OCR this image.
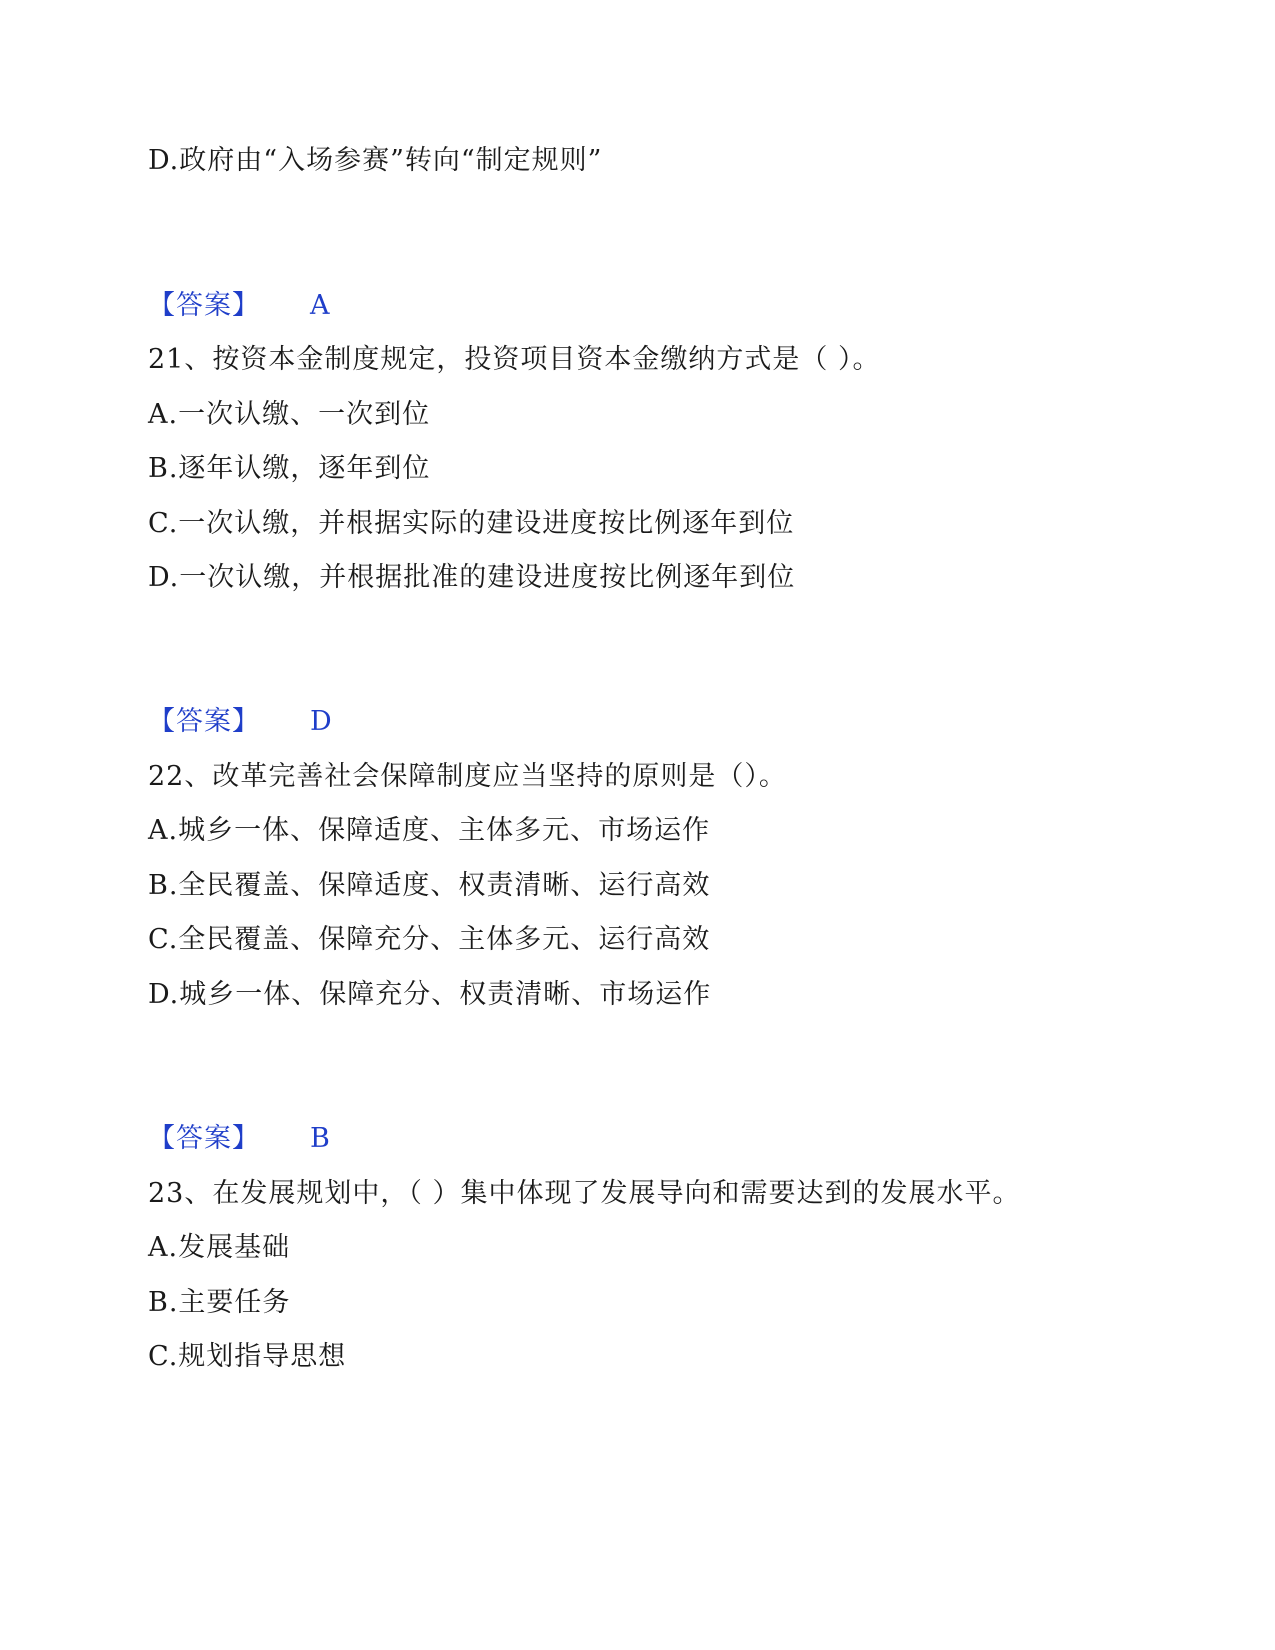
D.政府由“入场参赛”转向“制定规则”
【答案】 A
21、按资本金制度规定，投资项目资本金缴纳方式是（ ）。
A.一次认缴、一次到位
B.逐年认缴，逐年到位
C.一次认缴，并根据实际的建设进度按比例逐年到位
D.一次认缴，并根据批准的建设进度按比例逐年到位
【答案】 D
22、改革完善社会保障制度应当坚持的原则是（）。
A.城乡一体、保障适度、主体多元、市场运作
B.全民覆盖、保障适度、权责清晰、运行高效
C.全民覆盖、保障充分、主体多元、运行高效
D.城乡一体、保障充分、权责清晰、市场运作
【答案】 B
23、在发展规划中，（ ）集中体现了发展导向和需要达到的发展水平。
A.发展基础
B.主要任务
C.规划指导思想
